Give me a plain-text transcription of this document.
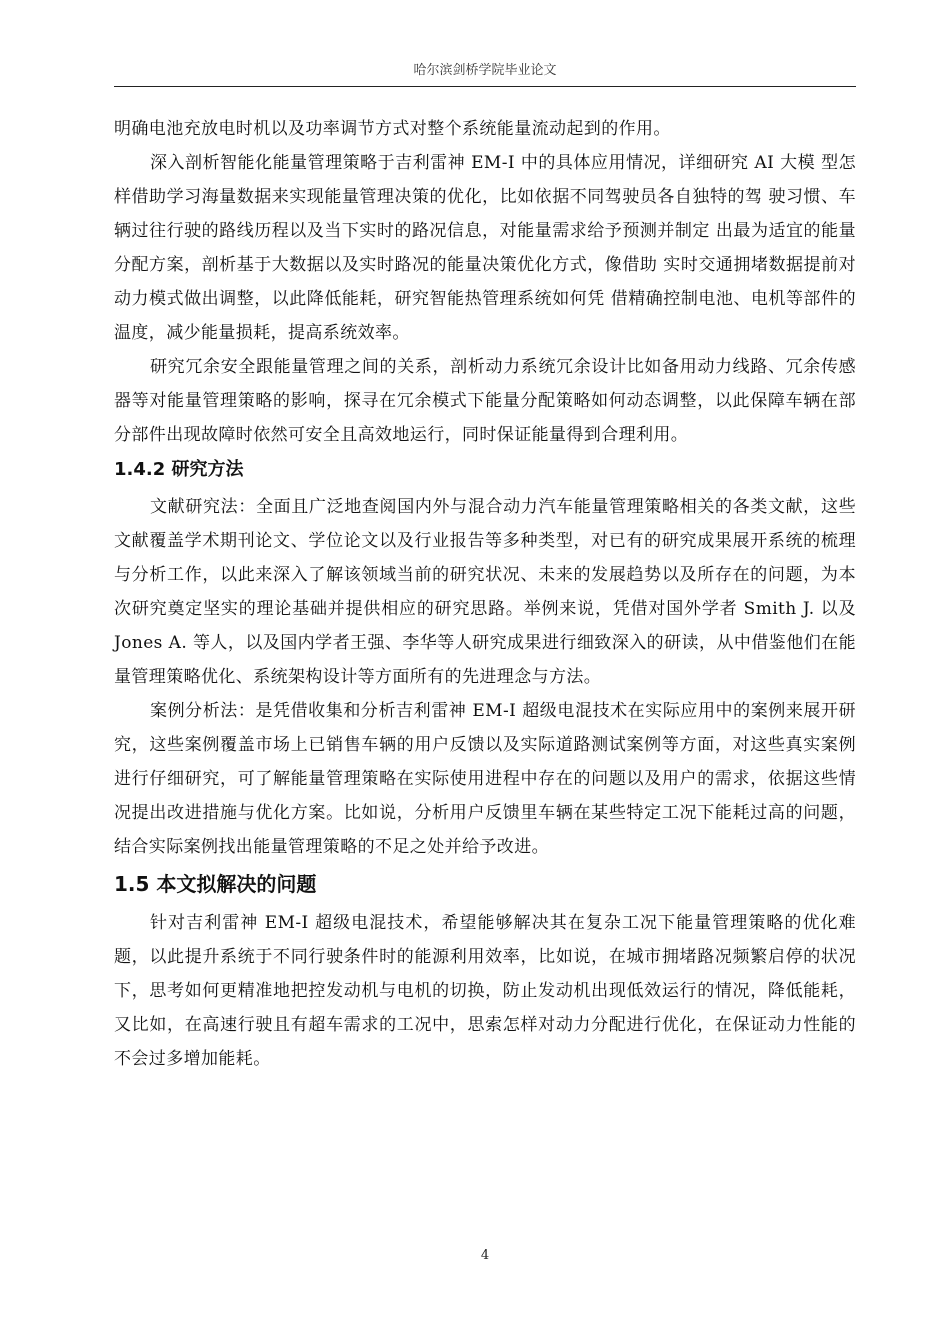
哈尔滨剑桥学院毕业论文

明确电池充放电时机以及功率调节方式对整个系统能量流动起到的作用。

深入剖析智能化能量管理策略于吉利雷神 EM-I 中的具体应用情况，详细研究 AI 大模 型怎样借助学习海量数据来实现能量管理决策的优化，比如依据不同驾驶员各自独特的驾 驶习惯、车辆过往行驶的路线历程以及当下实时的路况信息，对能量需求给予预测并制定 出最为适宜的能量分配方案，剖析基于大数据以及实时路况的能量决策优化方式，像借助 实时交通拥堵数据提前对动力模式做出调整，以此降低能耗，研究智能热管理系统如何凭 借精确控制电池、电机等部件的温度，减少能量损耗，提高系统效率。

研究冗余安全跟能量管理之间的关系，剖析动力系统冗余设计比如备用动力线路、冗余传感器等对能量管理策略的影响，探寻在冗余模式下能量分配策略如何动态调整，以此保障车辆在部分部件出现故障时依然可安全且高效地运行，同时保证能量得到合理利用。

1.4.2 研究方法

文献研究法：全面且广泛地查阅国内外与混合动力汽车能量管理策略相关的各类文献，这些文献覆盖学术期刊论文、学位论文以及行业报告等多种类型，对已有的研究成果展开系统的梳理与分析工作，以此来深入了解该领域当前的研究状况、未来的发展趋势以及所存在的问题，为本次研究奠定坚实的理论基础并提供相应的研究思路。举例来说，凭借对国外学者 Smith J. 以及 Jones A. 等人，以及国内学者王强、李华等人研究成果进行细致深入的研读，从中借鉴他们在能量管理策略优化、系统架构设计等方面所有的先进理念与方法。

案例分析法：是凭借收集和分析吉利雷神 EM-I 超级电混技术在实际应用中的案例来展开研究，这些案例覆盖市场上已销售车辆的用户反馈以及实际道路测试案例等方面，对这些真实案例进行仔细研究，可了解能量管理策略在实际使用进程中存在的问题以及用户的需求，依据这些情况提出改进措施与优化方案。比如说，分析用户反馈里车辆在某些特定工况下能耗过高的问题，结合实际案例找出能量管理策略的不足之处并给予改进。

1.5 本文拟解决的问题

针对吉利雷神 EM-I 超级电混技术，希望能够解决其在复杂工况下能量管理策略的优化难题，以此提升系统于不同行驶条件时的能源利用效率，比如说，在城市拥堵路况频繁启停的状况下，思考如何更精准地把控发动机与电机的切换，防止发动机出现低效运行的情况，降低能耗，又比如，在高速行驶且有超车需求的工况中，思索怎样对动力分配进行优化，在保证动力性能的不会过多增加能耗。

4
